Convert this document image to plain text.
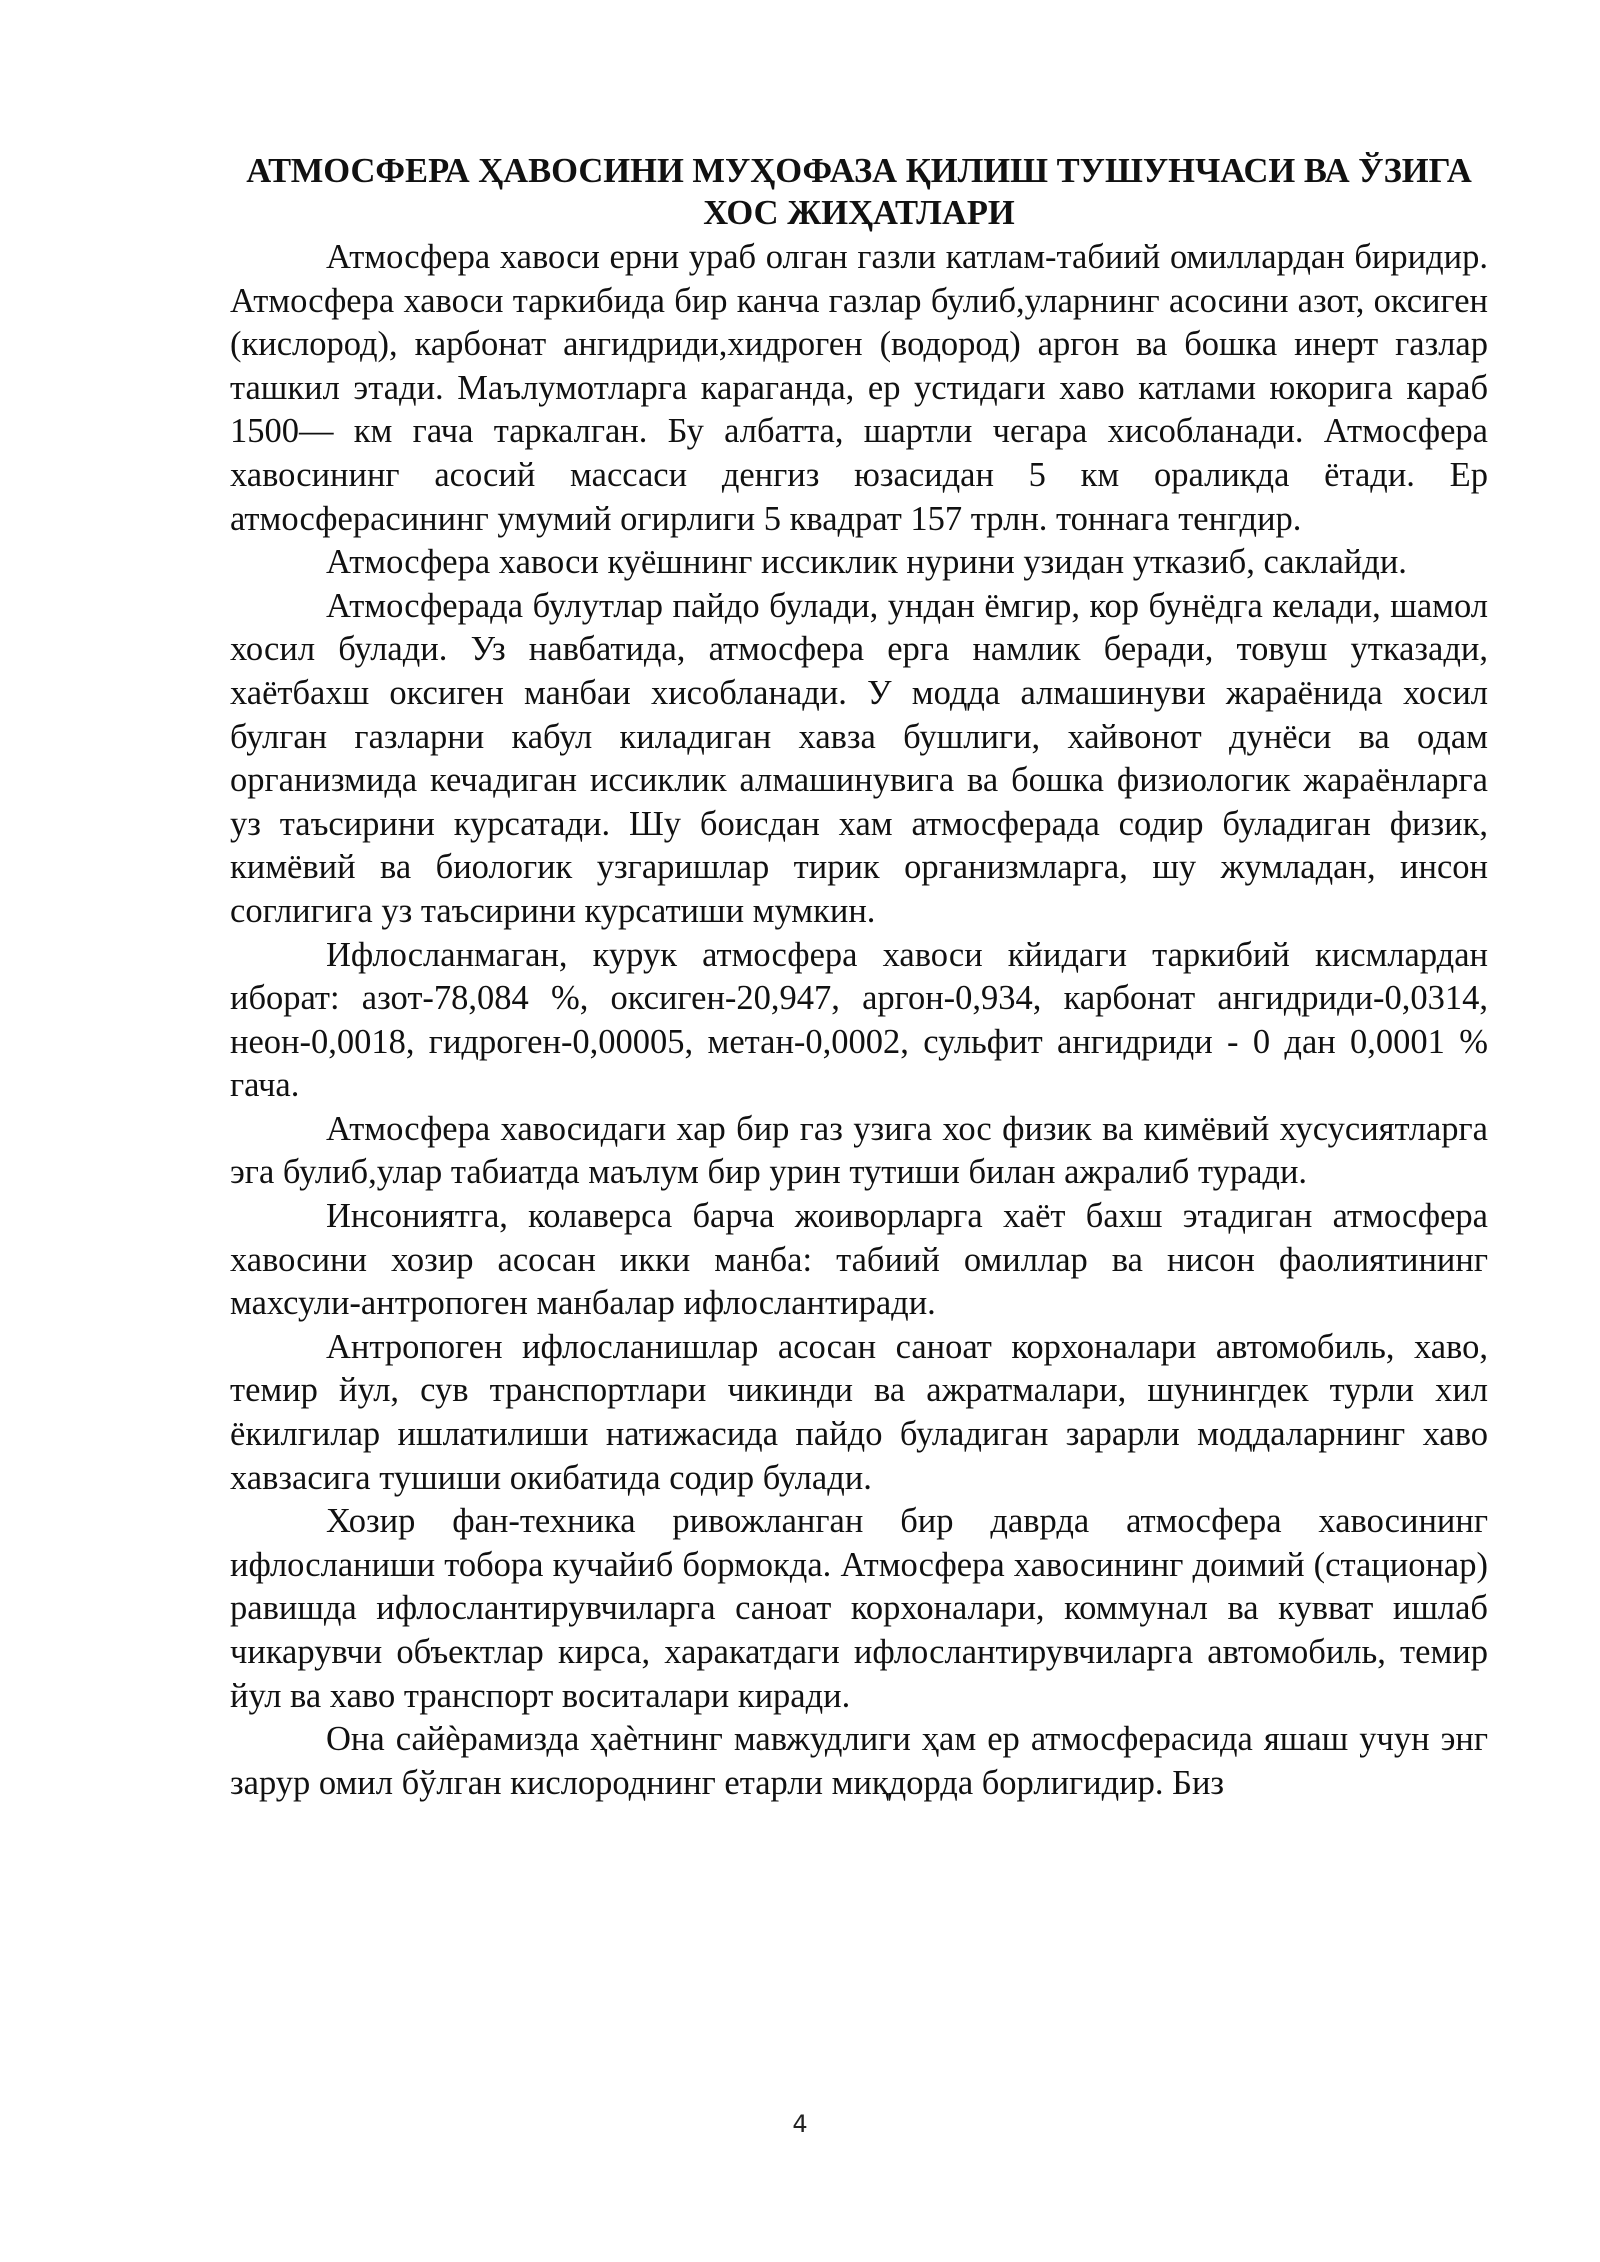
АТМОСФЕРА ҲАВОСИНИ МУҲОФАЗА ҚИЛИШ ТУШУНЧАСИ ВА ЎЗИГА ХОС ЖИҲАТЛАРИ

Атмосфера хавоси ерни ураб олган газли катлам-табиий омиллардан биридир. Атмосфера хавоси таркибида бир канча газлар булиб,уларнинг асосини азот, оксиген (кислород), карбонат ангидриди,хидроген (водород) аргон ва бошка инерт газлар ташкил этади. Маълумотларга караганда, ер устидаги хаво катлами юкорига караб 1500— км гача таркалган. Бу албатта, шартли чегара хисобланади. Атмосфера хавосининг асосий массаси денгиз юзасидан 5 км ораликда ётади. Ер атмосферасининг умумий огирлиги 5 квадрат 157 трлн. тоннага тенгдир.

Атмосфера хавоси куёшнинг иссиклик нурини узидан утказиб, саклайди.

Атмосферада булутлар пайдо булади, ундан ёмгир, кор бунёдга келади, шамол хосил булади. Уз навбатида, атмосфера ерга намлик беради, товуш утказади, хаётбахш оксиген манбаи хисобланади. У модда алмашинуви жараёнида хосил булган газларни кабул киладиган хавза бушлиги, хайвонот дунёси ва одам организмида кечадиган иссиклик алмашинувига ва бошка физиологик жараёнларга уз таъсирини курсатади. Шу боисдан хам атмосферада содир буладиган физик, кимёвий ва биологик узгаришлар тирик организмларга, шу жумладан, инсон соглигига уз таъсирини курсатиши мумкин.

Ифлосланмаган, курук атмосфера хавоси кйидаги таркибий кисмлардан иборат: азот-78,084 %, оксиген-20,947, аргон-0,934, карбонат ангидриди-0,0314, неон-0,0018, гидроген-0,00005, метан-0,0002, сульфит ангидриди - 0 дан 0,0001 % гача.

Атмосфера хавосидаги хар бир газ узига хос физик ва кимёвий хусусиятларга эга булиб,улар табиатда маълум бир урин тутиши билан ажралиб туради.

Инсониятга, колаверса барча жоиворларга хаёт бахш этадиган атмосфера хавосини хозир асосан икки манба: табиий омиллар ва нисон фаолиятининг махсули-антропоген манбалар ифлослантиради.

Антропоген ифлосланишлар асосан саноат корхоналари автомобиль, хаво, темир йул, сув транспортлари чикинди ва ажратмалари, шунингдек турли хил ёкилгилар ишлатилиши натижасида пайдо буладиган зарарли моддаларнинг хаво хавзасига тушиши окибатида содир булади.

Хозир фан-техника ривожланган бир даврда атмосфера хавосининг ифлосланиши тобора кучайиб бормокда. Атмосфера хавосининг доимий (стационар) равишда ифлослантирувчиларга саноат корхоналари, коммунал ва кувват ишлаб чикарувчи объектлар кирса, харакатдаги ифлослантирувчиларга автомобиль, темир йул ва хаво транспорт воситалари киради.

Она сайѐрамизда ҳаѐтнинг мавжудлиги ҳам ер атмосферасида яшаш учун энг зарур омил бўлган кислороднинг етарли миқдорда борлигидир. Биз

4
